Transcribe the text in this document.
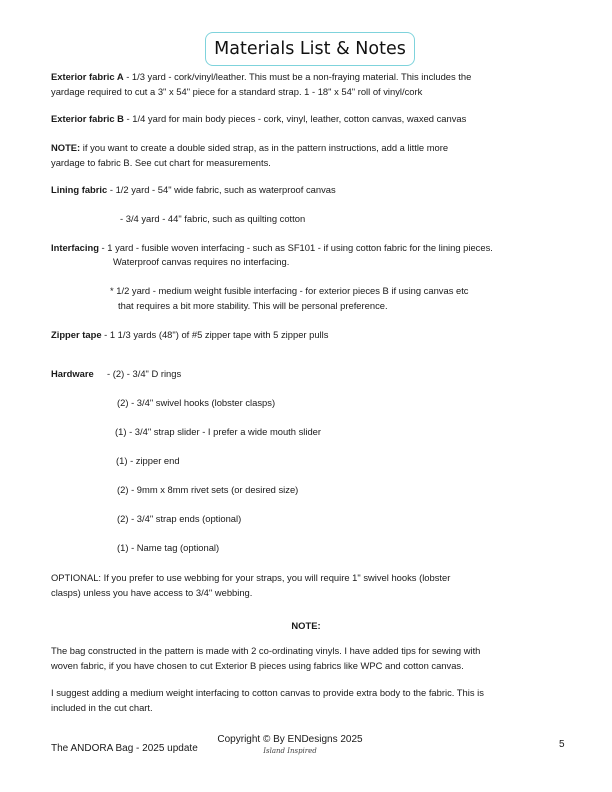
Materials List & Notes

Exterior fabric A - 1/3 yard - cork/vinyl/leather. This must be a non-fraying material. This includes the
yardage required to cut a 3" x 54" piece for a standard strap. 1 - 18" x 54" roll of vinyl/cork

Exterior fabric B - 1/4 yard for main body pieces - cork, vinyl, leather, cotton canvas, waxed canvas

NOTE: if you want to create a double sided strap, as in the pattern instructions, add a little more
yardage to fabric B. See cut chart for measurements.

Lining fabric - 1/2 yard - 54" wide fabric, such as waterproof canvas

- 3/4 yard - 44" fabric, such as quilting cotton

Interfacing - 1 yard - fusible woven interfacing - such as SF101 - if using cotton fabric for the lining pieces.

Waterproof canvas requires no interfacing.

* 1/2 yard - medium weight fusible interfacing - for exterior pieces B if using canvas etc
that requires a bit more stability. This will be personal preference.

Zipper tape - 1 1/3 yards (48") of #5 zipper tape with 5 zipper pulls

Hardware - (2) - 3/4" D rings

(2) - 3/4" swivel hooks (lobster clasps)

(1) - 3/4" strap slider - I prefer a wide mouth slider

(1) - zipper end

(2) - 9mm x 8mm rivet sets (or desired size)

(2) - 3/4" strap ends (optional)

(1) - Name tag (optional)

OPTIONAL: If you prefer to use webbing for your straps, you will require 1" swivel hooks (lobster
clasps) unless you have access to 3/4" webbing.

NOTE:

The bag constructed in the pattern is made with 2 co-ordinating vinyls. I have added tips for sewing with
woven fabric, if you have chosen to cut Exterior B pieces using fabrics like WPC and cotton canvas.

I suggest adding a medium weight interfacing to cotton canvas to provide extra body to the fabric. This is
included in the cut chart.

The ANDORA Bag - 2025 update
Copyright © By ENDesigns 2025
Island Inspired
5
